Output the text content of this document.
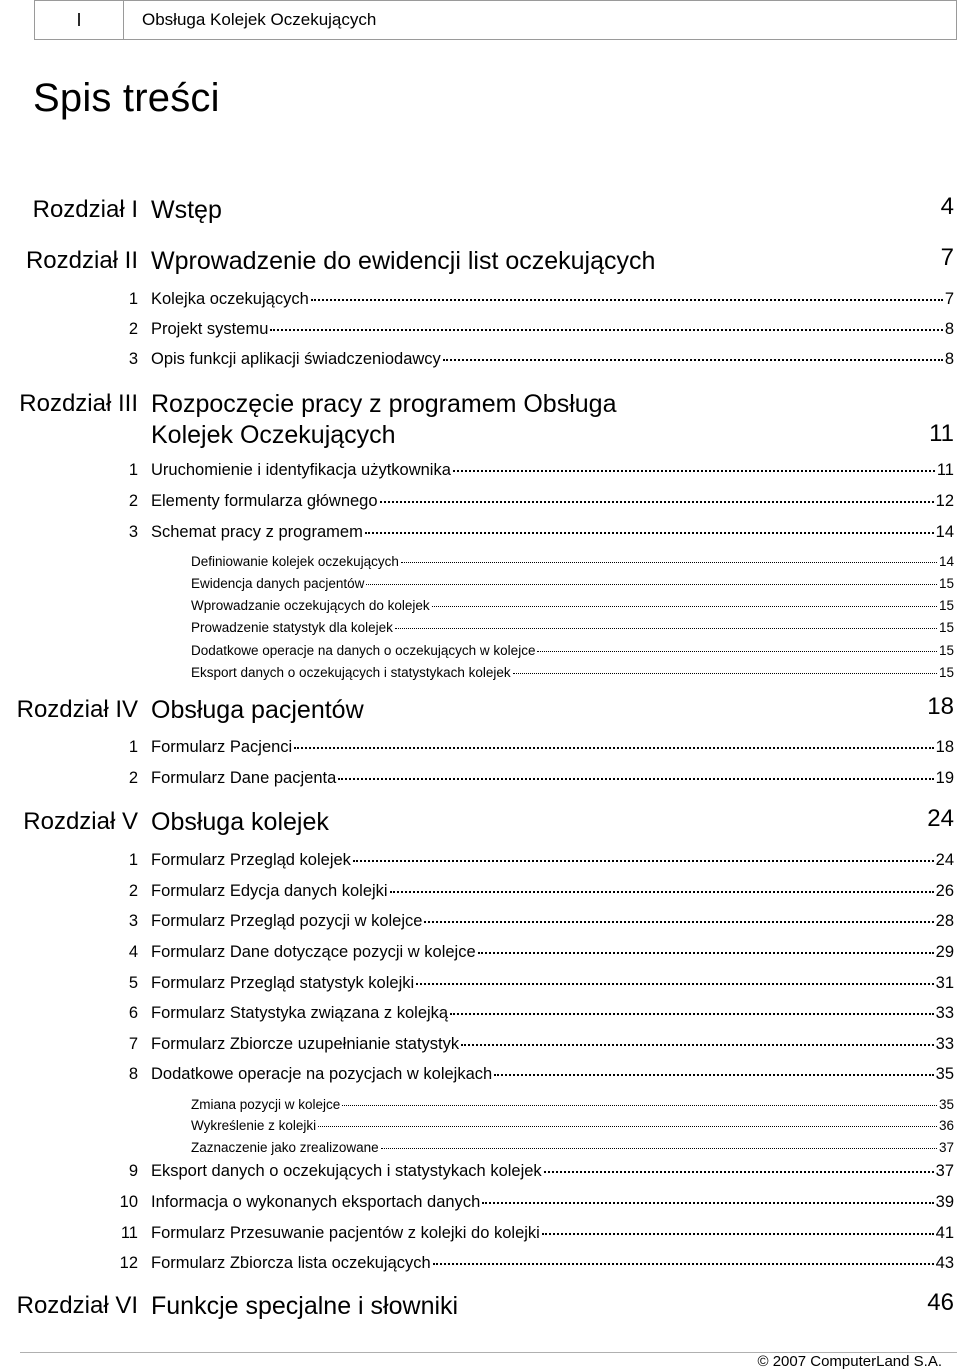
I	Obsługa Kolejek Oczekujących
Spis treści
Rozdział I Wstęp	4
Rozdział II Wprowadzenie do ewidencji list oczekujących	7
1 Kolejka oczekujących	7
2 Projekt systemu	8
3 Opis funkcji aplikacji świadczeniodawcy	8
Rozdział III Rozpoczęcie pracy z programem Obsługa
Kolejek Oczekujących	11
1 Uruchomienie i identyfikacja użytkownika	11
2 Elementy formularza głównego	12
3 Schemat pracy z programem	14
Definiowanie kolejek oczekujących	14
Ewidencja danych pacjentów	15
Wprowadzanie oczekujących do kolejek	15
Prowadzenie statystyk dla kolejek	15
Dodatkowe operacje na danych o oczekujących w kolejce	15
Eksport danych o oczekujących i statystykach kolejek	15
Rozdział IV Obsługa pacjentów	18
1 Formularz Pacjenci	18
2 Formularz Dane pacjenta	19
Rozdział V Obsługa kolejek	24
1 Formularz Przegląd kolejek	24
2 Formularz Edycja danych kolejki	26
3 Formularz Przegląd pozycji w kolejce	28
4 Formularz Dane dotyczące pozycji w kolejce	29
5 Formularz Przegląd statystyk kolejki	31
6 Formularz Statystyka związana z kolejką	33
7 Formularz Zbiorcze uzupełnianie statystyk	33
8 Dodatkowe operacje na pozycjach w kolejkach	35
Zmiana pozycji w kolejce	35
Wykreślenie z kolejki	36
Zaznaczenie jako zrealizowane	37
9 Eksport danych o oczekujących i statystykach kolejek	37
10 Informacja o wykonanych eksportach danych	39
11 Formularz Przesuwanie pacjentów z kolejki do kolejki	41
12 Formularz Zbiorcza lista oczekujących	43
Rozdział VI Funkcje specjalne i słowniki	46
© 2007 ComputerLand S.A.
